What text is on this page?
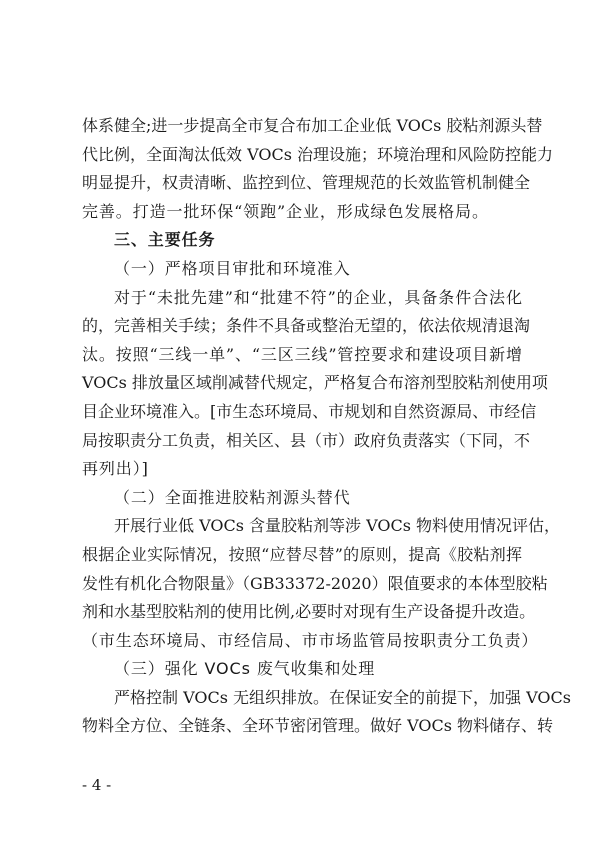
体系健全;进一步提高全市复合布加工企业低 VOCs 胶粘剂源头替
代比例，全面淘汰低效 VOCs 治理设施；环境治理和风险防控能力
明显提升，权责清晰、监控到位、管理规范的长效监管机制健全
完善。打造一批环保“领跑”企业，形成绿色发展格局。
三、主要任务
（一）严格项目审批和环境准入
对于“未批先建”和“批建不符”的企业，具备条件合法化
的，完善相关手续；条件不具备或整治无望的，依法依规清退淘
汰。按照“三线一单”、“三区三线”管控要求和建设项目新增
VOCs 排放量区域削减替代规定，严格复合布溶剂型胶粘剂使用项
目企业环境准入。[市生态环境局、市规划和自然资源局、市经信
局按职责分工负责，相关区、县（市）政府负责落实（下同，不
再列出）]
（二）全面推进胶粘剂源头替代
开展行业低 VOCs 含量胶粘剂等涉 VOCs 物料使用情况评估，
根据企业实际情况，按照“应替尽替”的原则，提高《胶粘剂挥
发性有机化合物限量》（GB33372-2020）限值要求的本体型胶粘
剂和水基型胶粘剂的使用比例,必要时对现有生产设备提升改造。
（市生态环境局、市经信局、市市场监管局按职责分工负责）
（三）强化 VOCs 废气收集和处理
严格控制 VOCs 无组织排放。在保证安全的前提下，加强 VOCs
物料全方位、全链条、全环节密闭管理。做好 VOCs 物料储存、转
- 4 -
